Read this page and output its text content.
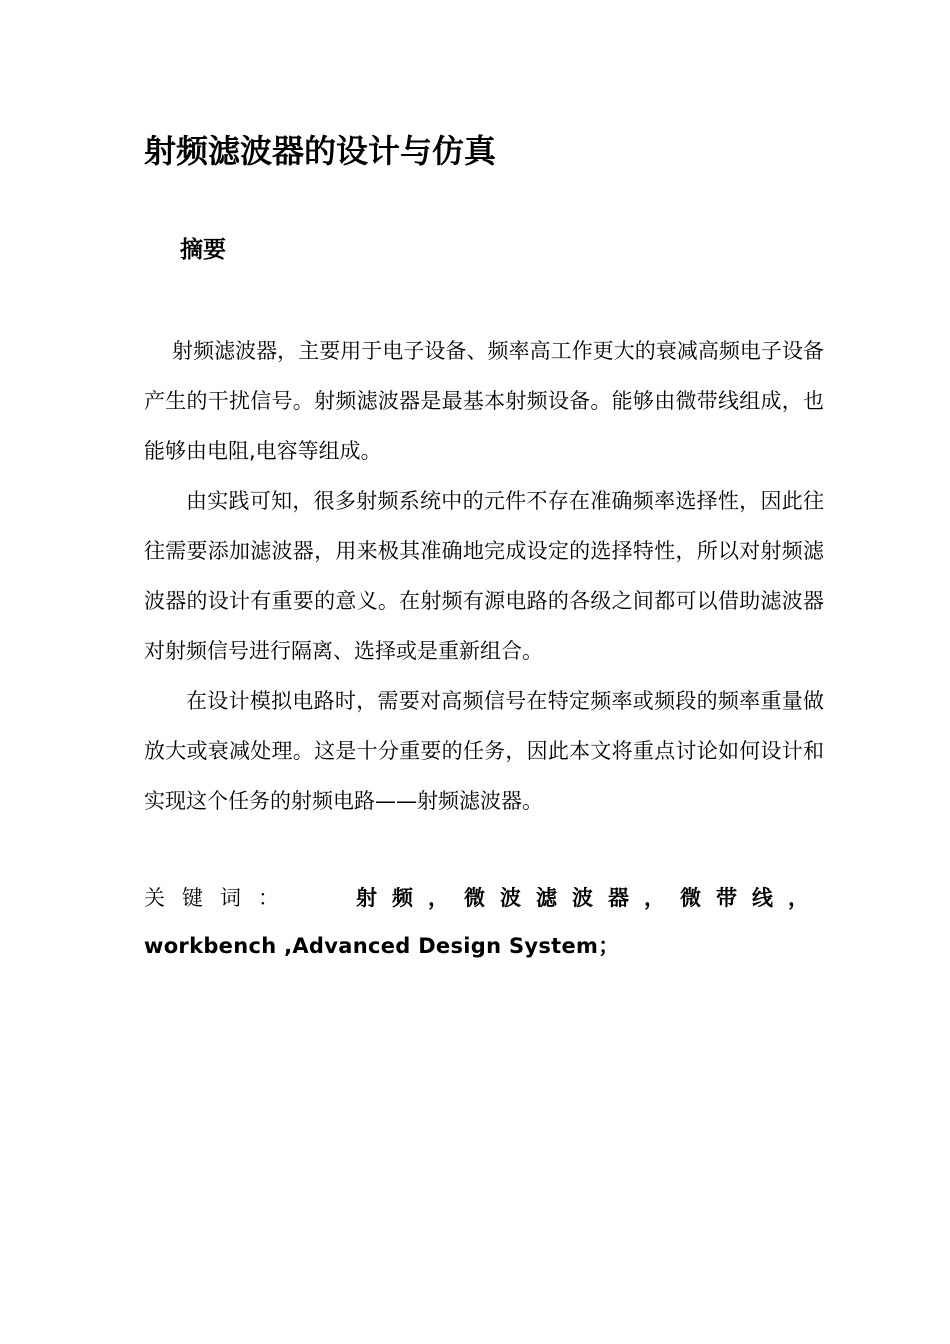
射频滤波器的设计与仿真
摘要

射频滤波器，主要用于电子设备、频率高工作更大的衰减高频电子设备产生的干扰信号。射频滤波器是最基本射频设备。能够由微带线组成，也能够由电阻,电容等组成。

由实践可知，很多射频系统中的元件不存在准确频率选择性，因此往往需要添加滤波器，用来极其准确地完成设定的选择特性，所以对射频滤波器的设计有重要的意义。在射频有源电路的各级之间都可以借助滤波器对射频信号进行隔离、选择或是重新组合。

在设计模拟电路时，需要对高频信号在特定频率或频段的频率重量做放大或衰减处理。这是十分重要的任务，因此本文将重点讨论如何设计和实现这个任务的射频电路——射频滤波器。

关键词：	射频，微波滤波器，微带线，
workbench ,Advanced Design System；
